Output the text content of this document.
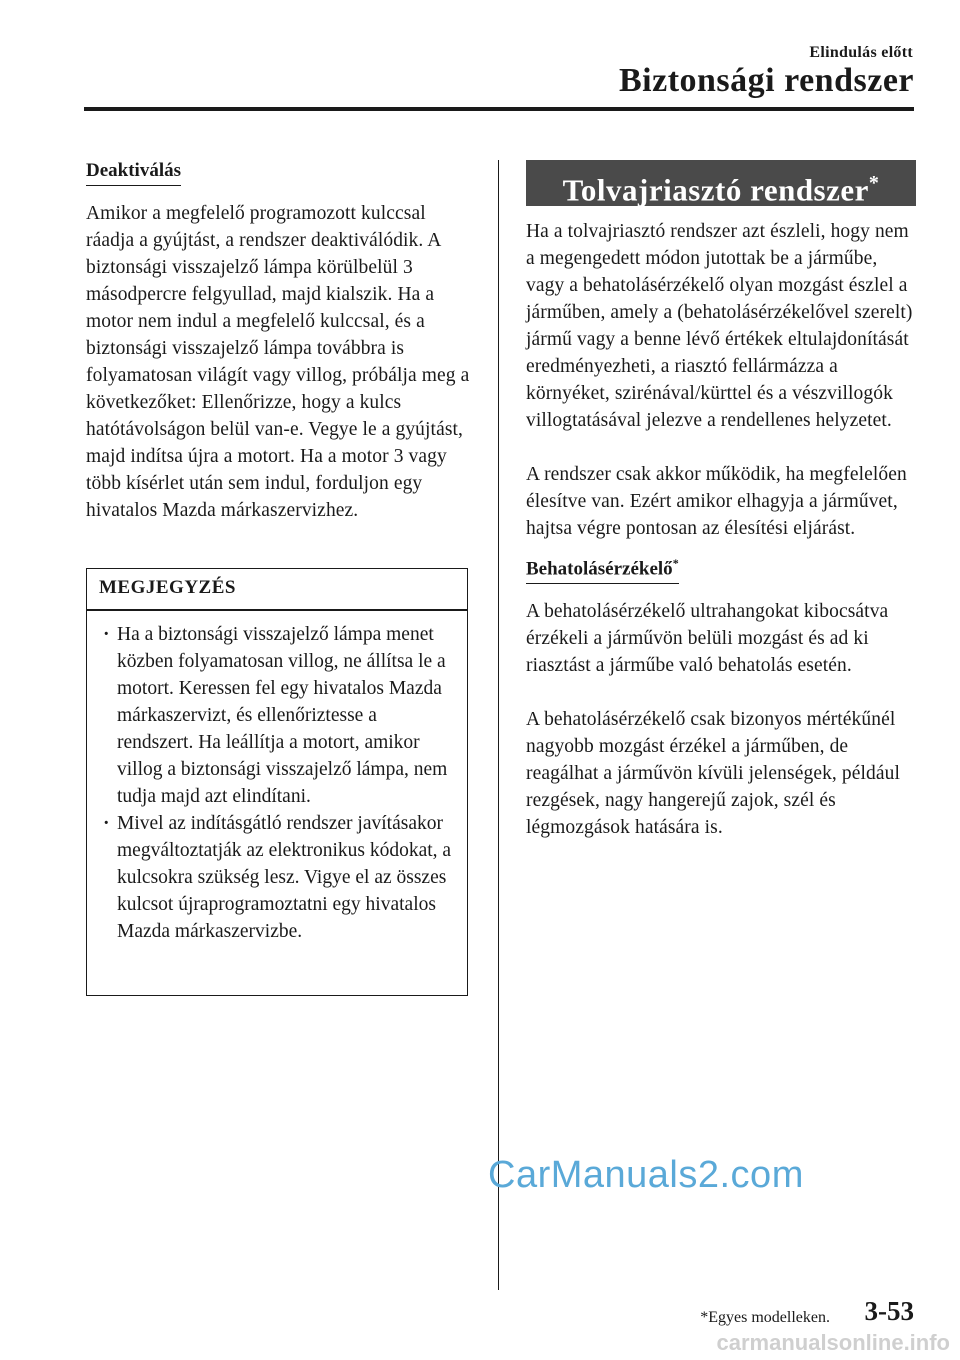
Elindulás előtt
Biztonsági rendszer
Deaktiválás

Amikor a megfelelő programozott kulccsal ráadja a gyújtást, a rendszer deaktiválódik. A biztonsági visszajelző lámpa körülbelül 3 másodpercre felgyullad, majd kialszik. Ha a motor nem indul a megfelelő kulccsal, és a biztonsági visszajelző lámpa továbbra is folyamatosan világít vagy villog, próbálja meg a következőket: Ellenőrizze, hogy a kulcs hatótávolságon belül van-e. Vegye le a gyújtást, majd indítsa újra a motort. Ha a motor 3 vagy több kísérlet után sem indul, forduljon egy hivatalos Mazda márkaszervizhez.

MEGJEGYZÉS
· Ha a biztonsági visszajelző lámpa menet közben folyamatosan villog, ne állítsa le a motort. Keressen fel egy hivatalos Mazda márkaszervizt, és ellenőriztesse a rendszert. Ha leállítja a motort, amikor villog a biztonsági visszajelző lámpa, nem tudja majd azt elindítani.
· Mivel az indításgátló rendszer javításakor megváltoztatják az elektronikus kódokat, a kulcsokra szükség lesz. Vigye el az összes kulcsot újraprogramoztatni egy hivatalos Mazda márkaszervizbe.
Tolvajriasztó rendszer*

Ha a tolvajriasztó rendszer azt észleli, hogy nem a megengedett módon jutottak be a járműbe, vagy a behatolásérzékelő olyan mozgást észlel a járműben, amely a (behatolásérzékelővel szerelt) jármű vagy a benne lévő értékek eltulajdonítását eredményezheti, a riasztó fellármázza a környéket, szirénával/kürttel és a vészvillogók villogtatásával jelezve a rendellenes helyzetet.

A rendszer csak akkor működik, ha megfelelően élesítve van. Ezért amikor elhagyja a járművet, hajtsa végre pontosan az élesítési eljárást.

Behatolásérzékelő*

A behatolásérzékelő ultrahangokat kibocsátva érzékeli a járművön belüli mozgást és ad ki riasztást a járműbe való behatolás esetén.

A behatolásérzékelő csak bizonyos mértékűnél nagyobb mozgást érzékel a járműben, de reagálhat a járművön kívüli jelenségek, például rezgések, nagy hangerejű zajok, szél és légmozgások hatására is.

CarManuals2.com
*Egyes modelleken. 3-53
carmanualsonline.info
